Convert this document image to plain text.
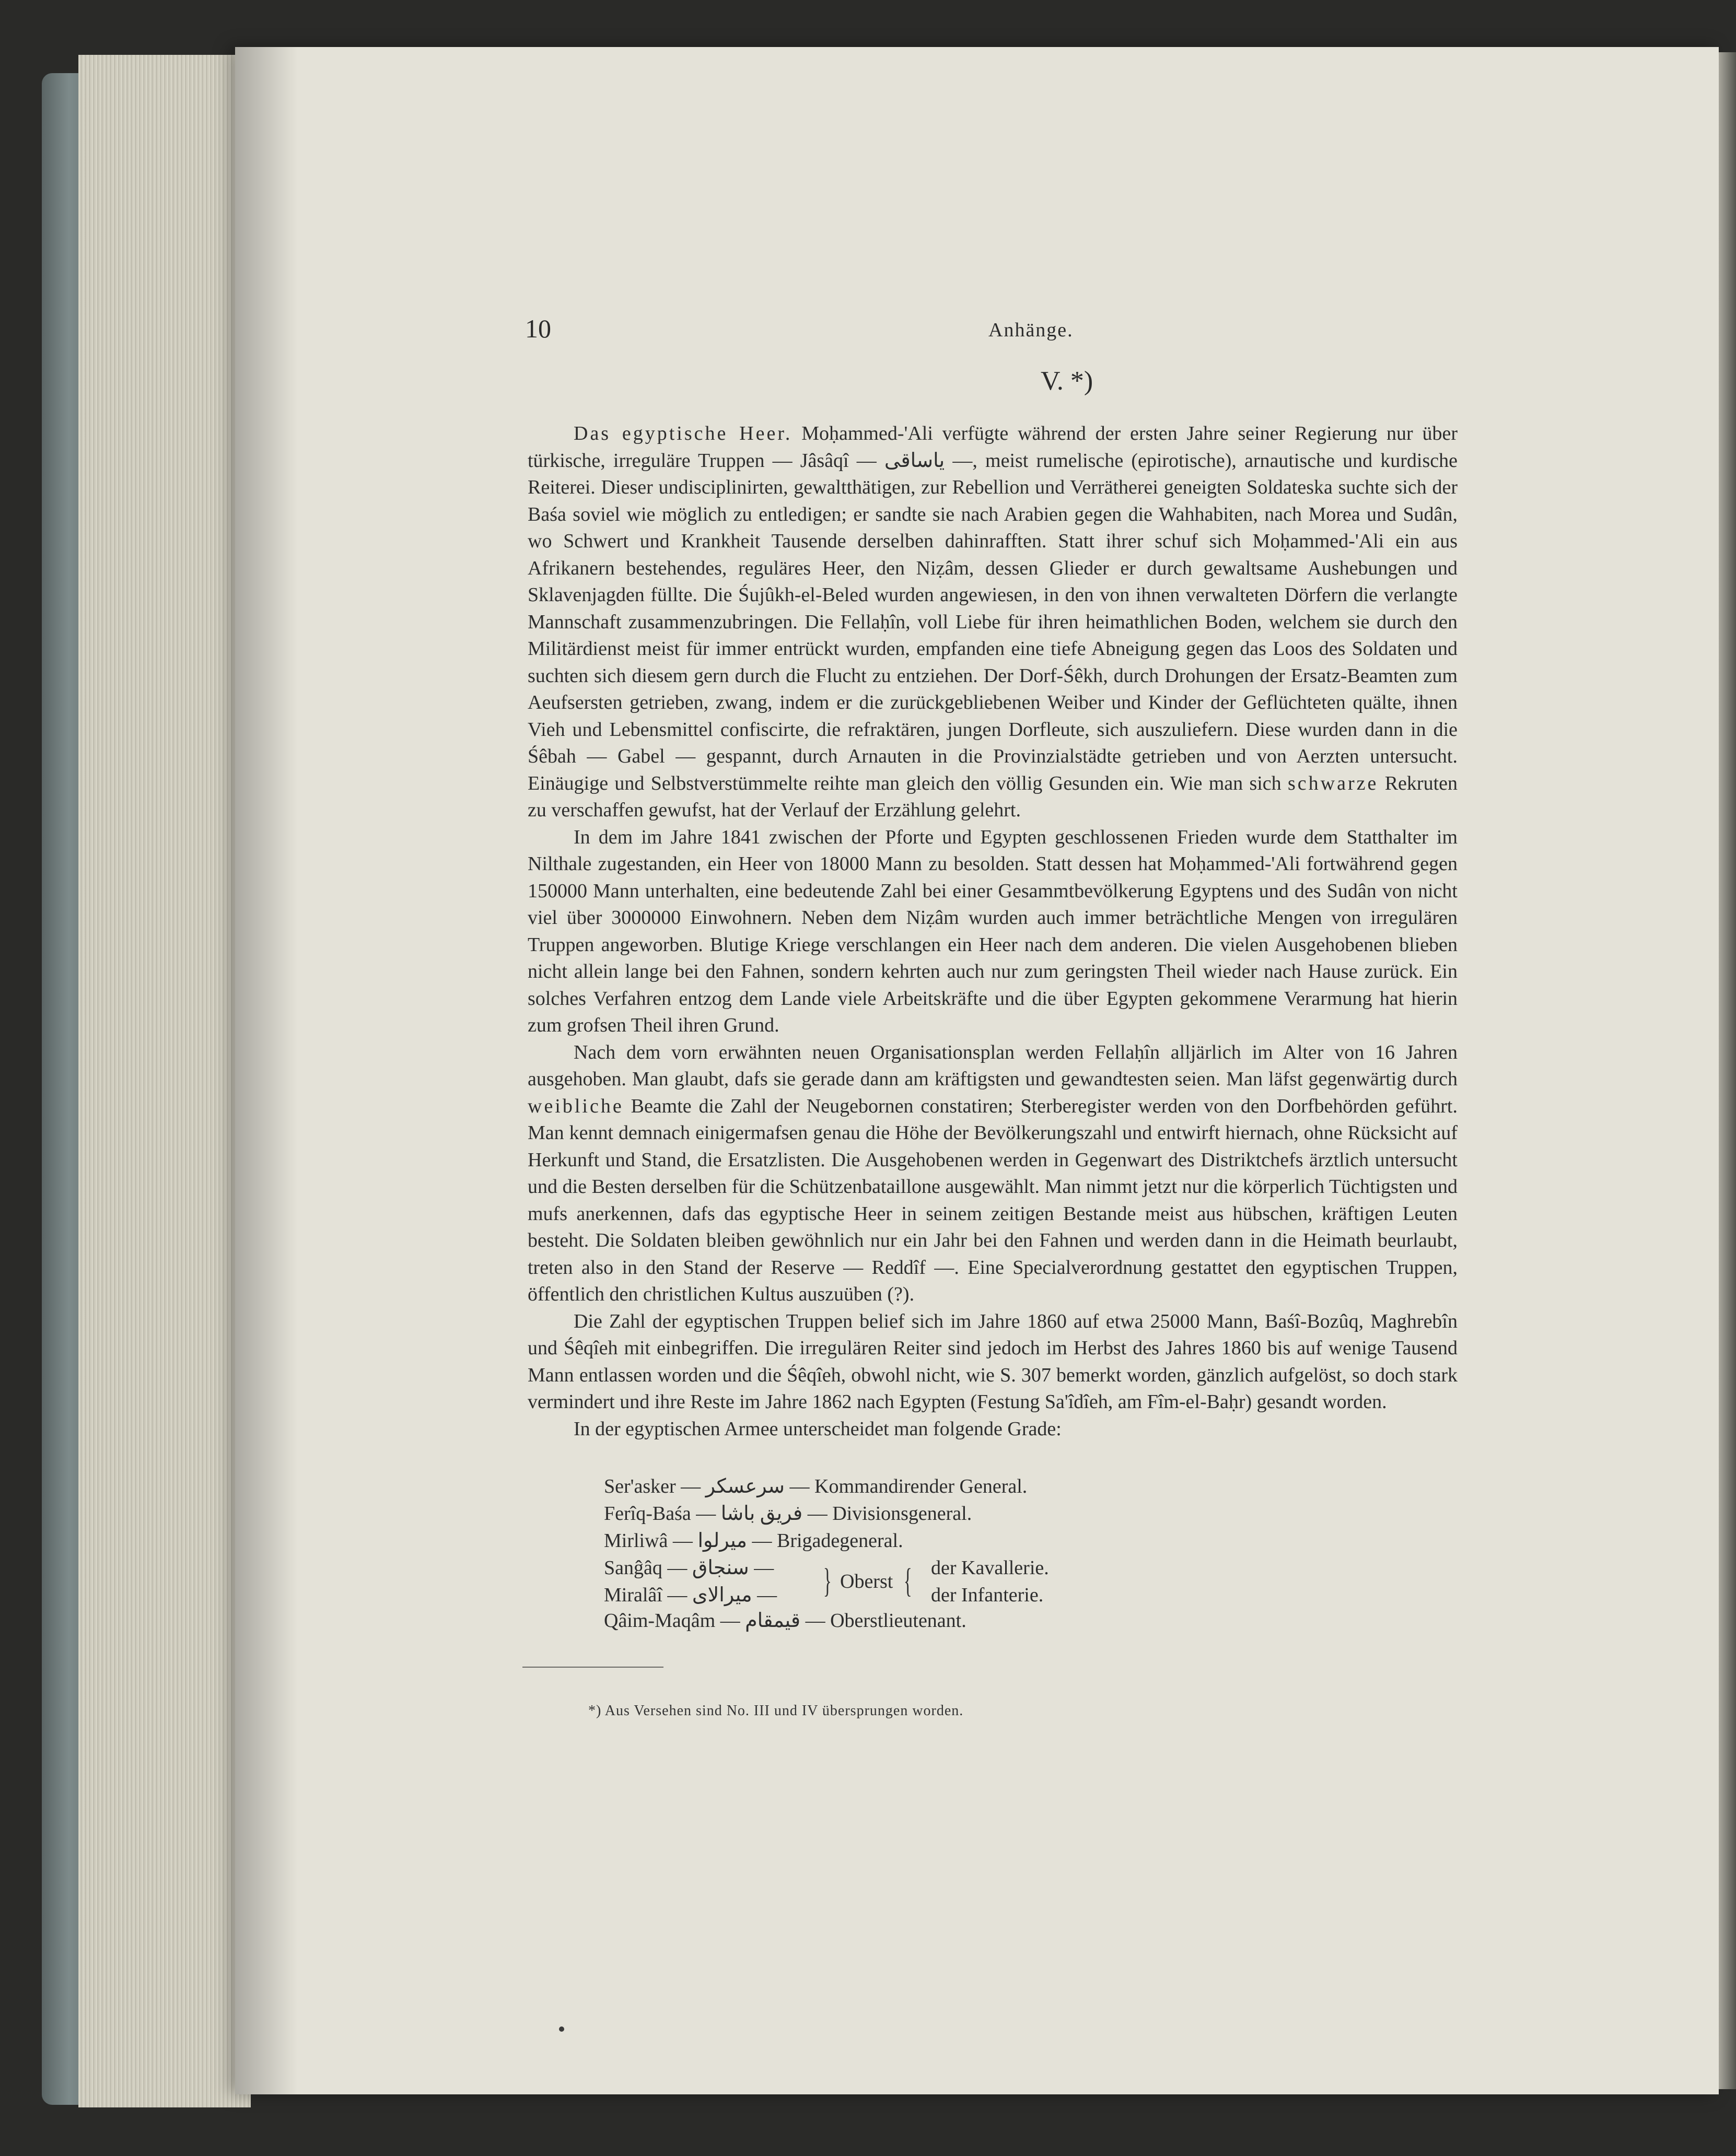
10	Anhänge.
V. *)

Das egyptische Heer. Moḥammed-'Ali verfügte während der ersten Jahre seiner Regierung nur über türkische, irreguläre Truppen — Jâsâqî — ياساقى —, meist rumelische (epirotische), arnautische und kurdische Reiterei. Dieser undisciplinirten, gewaltthätigen, zur Rebellion und Verrätherei geneigten Soldateska suchte sich der Baśa soviel wie möglich zu entledigen; er sandte sie nach Arabien gegen die Wahhabiten, nach Morea und Sudân, wo Schwert und Krankheit Tausende derselben dahinrafften. Statt ihrer schuf sich Moḥammed-'Ali ein aus Afrikanern bestehendes, reguläres Heer, den Niẓâm, dessen Glieder er durch gewaltsame Aushebungen und Sklavenjagden füllte. Die Śujûkh-el-Beled wurden angewiesen, in den von ihnen verwalteten Dörfern die verlangte Mannschaft zusammenzubringen. Die Fellaḥîn, voll Liebe für ihren heimathlichen Boden, welchem sie durch den Militärdienst meist für immer entrückt wurden, empfanden eine tiefe Abneigung gegen das Loos des Soldaten und suchten sich diesem gern durch die Flucht zu entziehen. Der Dorf-Śêkh, durch Drohungen der Ersatz-Beamten zum Aeufsersten getrieben, zwang, indem er die zurückgebliebenen Weiber und Kinder der Geflüchteten quälte, ihnen Vieh und Lebensmittel confiscirte, die refraktären, jungen Dorfleute, sich auszuliefern. Diese wurden dann in die Śêbah — Gabel — gespannt, durch Arnauten in die Provinzialstädte getrieben und von Aerzten untersucht. Einäugige und Selbstverstümmelte reihte man gleich den völlig Gesunden ein. Wie man sich schwarze Rekruten zu verschaffen gewufst, hat der Verlauf der Erzählung gelehrt.

In dem im Jahre 1841 zwischen der Pforte und Egypten geschlossenen Frieden wurde dem Statthalter im Nilthale zugestanden, ein Heer von 18000 Mann zu besolden. Statt dessen hat Moḥammed-'Ali fortwährend gegen 150000 Mann unterhalten, eine bedeutende Zahl bei einer Gesammtbevölkerung Egyptens und des Sudân von nicht viel über 3000000 Einwohnern. Neben dem Niẓâm wurden auch immer beträchtliche Mengen von irregulären Truppen angeworben. Blutige Kriege verschlangen ein Heer nach dem anderen. Die vielen Ausgehobenen blieben nicht allein lange bei den Fahnen, sondern kehrten auch nur zum geringsten Theil wieder nach Hause zurück. Ein solches Verfahren entzog dem Lande viele Arbeitskräfte und die über Egypten gekommene Verarmung hat hierin zum grofsen Theil ihren Grund.

Nach dem vorn erwähnten neuen Organisationsplan werden Fellaḥîn alljärlich im Alter von 16 Jahren ausgehoben. Man glaubt, dafs sie gerade dann am kräftigsten und gewandtesten seien. Man läfst gegenwärtig durch weibliche Beamte die Zahl der Neugebornen constatiren; Sterberegister werden von den Dorfbehörden geführt. Man kennt demnach einigermafsen genau die Höhe der Bevölkerungszahl und entwirft hiernach, ohne Rücksicht auf Herkunft und Stand, die Ersatzlisten. Die Ausgehobenen werden in Gegenwart des Distriktchefs ärztlich untersucht und die Besten derselben für die Schützenbataillone ausgewählt. Man nimmt jetzt nur die körperlich Tüchtigsten und mufs anerkennen, dafs das egyptische Heer in seinem zeitigen Bestande meist aus hübschen, kräftigen Leuten besteht. Die Soldaten bleiben gewöhnlich nur ein Jahr bei den Fahnen und werden dann in die Heimath beurlaubt, treten also in den Stand der Reserve — Reddîf —. Eine Specialverordnung gestattet den egyptischen Truppen, öffentlich den christlichen Kultus auszuüben (?).

Die Zahl der egyptischen Truppen belief sich im Jahre 1860 auf etwa 25000 Mann, Baśî-Bozûq, Maghrebîn und Śêqîeh mit einbegriffen. Die irregulären Reiter sind jedoch im Herbst des Jahres 1860 bis auf wenige Tausend Mann entlassen worden und die Śêqîeh, obwohl nicht, wie S. 307 bemerkt worden, gänzlich aufgelöst, so doch stark vermindert und ihre Reste im Jahre 1862 nach Egypten (Festung Sa'îdîeh, am Fîm-el-Baḥr) gesandt worden.

In der egyptischen Armee unterscheidet man folgende Grade:

Ser'asker — سرعسكر — Kommandirender General.
Ferîq-Baśa — فريق باشا — Divisionsgeneral.
Mirliwâ — ميرلوا — Brigadegeneral.
Sanĝâq — سنجاق —
Miralâî — ميرالاى — } Oberst { der Kavallerie.
der Infanterie.
Qâim-Maqâm — قيمقام — Oberstlieutenant.
*) Aus Versehen sind No. III und IV übersprungen worden.
